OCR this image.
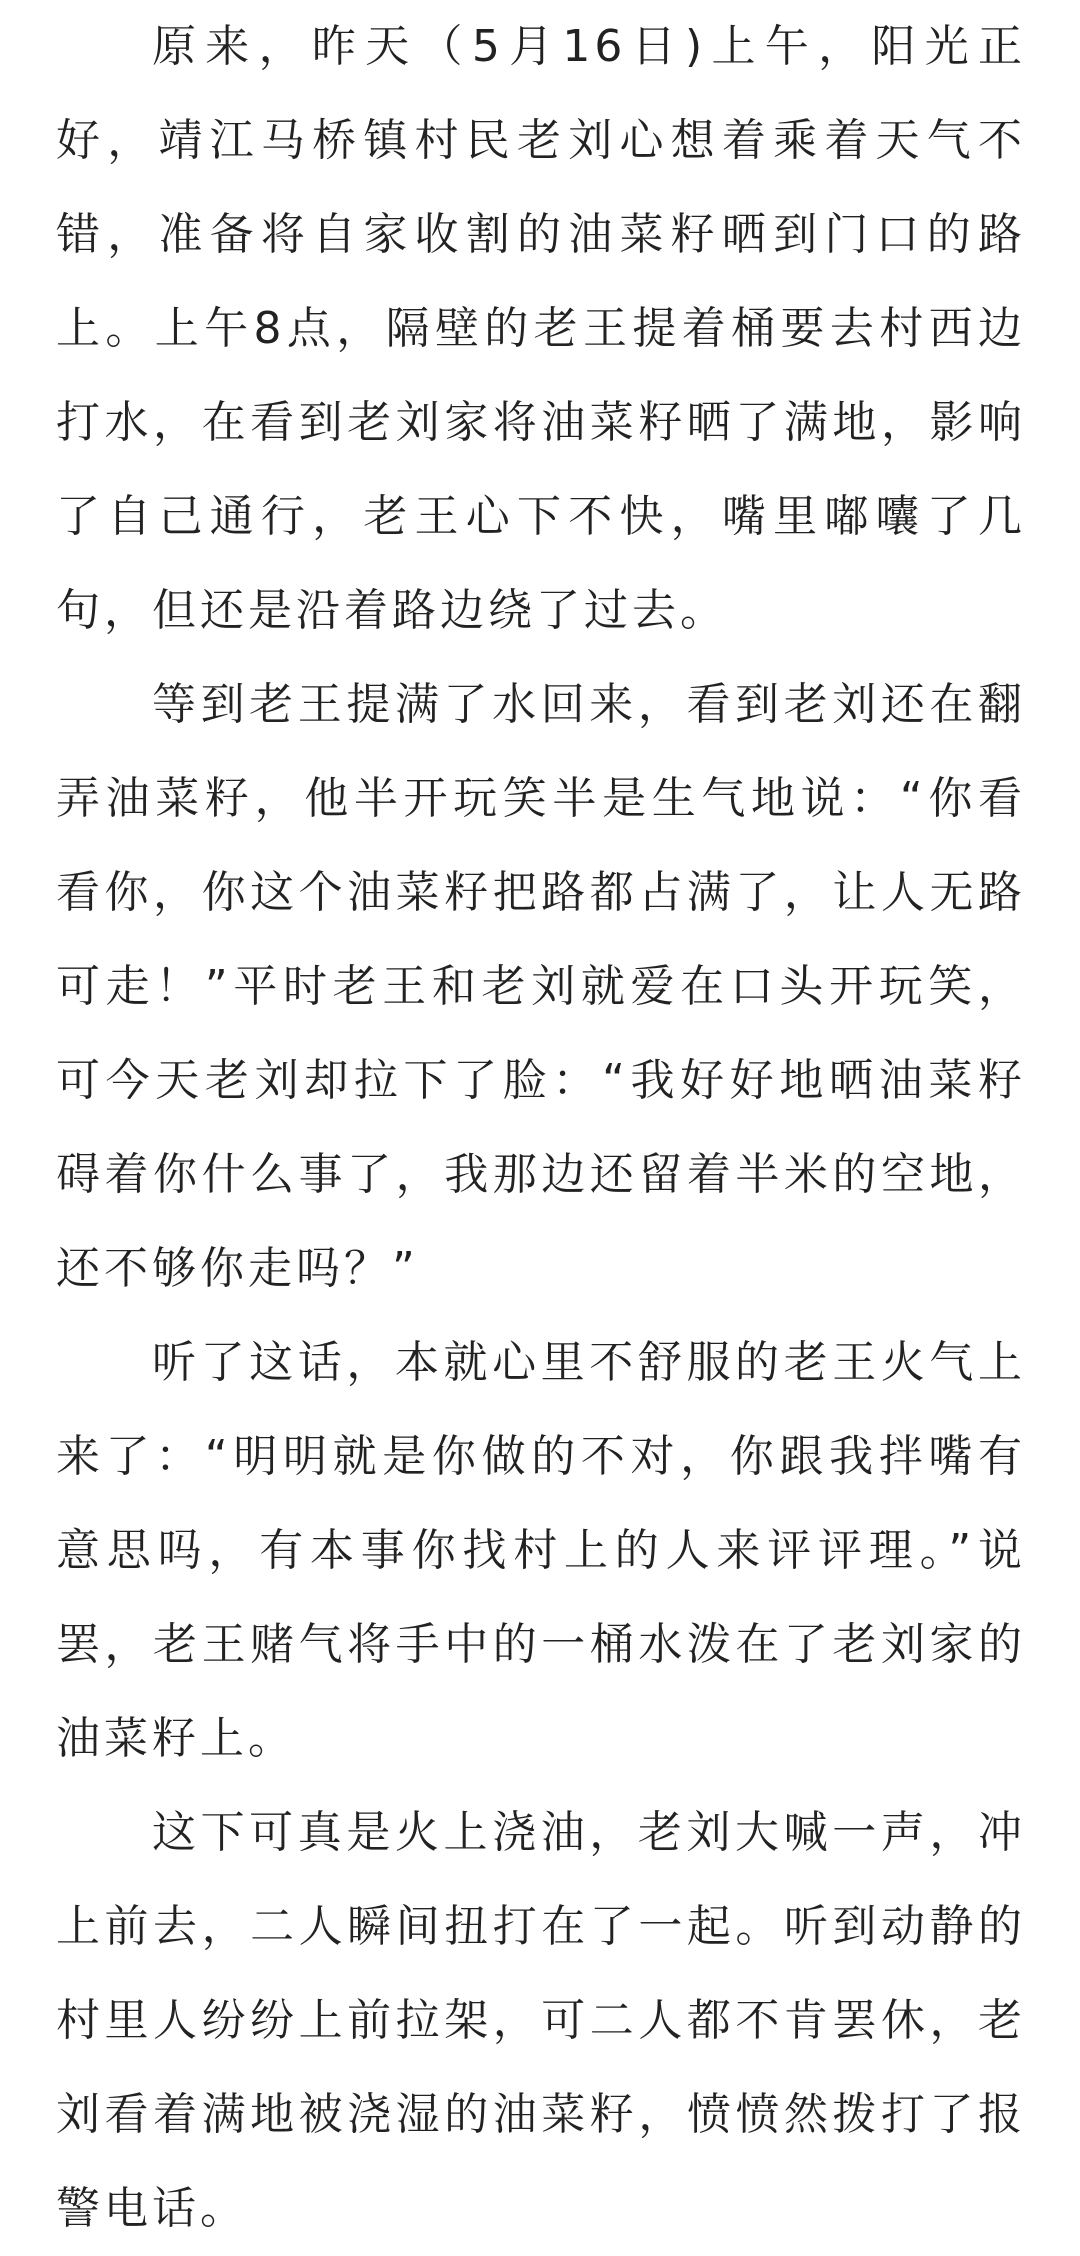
原来，昨天（5月16日)上午，阳光正好，靖江马桥镇村民老刘心想着乘着天气不错，准备将自家收割的油菜籽晒到门口的路上。上午8点，隔壁的老王提着桶要去村西边打水，在看到老刘家将油菜籽晒了满地，影响了自己通行，老王心下不快，嘴里嘟囔了几句，但还是沿着路边绕了过去。

等到老王提满了水回来，看到老刘还在翻弄油菜籽，他半开玩笑半是生气地说：“你看看你，你这个油菜籽把路都占满了，让人无路可走！”平时老王和老刘就爱在口头开玩笑，可今天老刘却拉下了脸：“我好好地晒油菜籽碍着你什么事了，我那边还留着半米的空地，还不够你走吗？”

听了这话，本就心里不舒服的老王火气上来了：“明明就是你做的不对，你跟我拌嘴有意思吗，有本事你找村上的人来评评理。”说罢，老王赌气将手中的一桶水泼在了老刘家的油菜籽上。

这下可真是火上浇油，老刘大喊一声，冲上前去，二人瞬间扭打在了一起。听到动静的村里人纷纷上前拉架，可二人都不肯罢休，老刘看着满地被浇湿的油菜籽，愤愤然拨打了报警电话。
